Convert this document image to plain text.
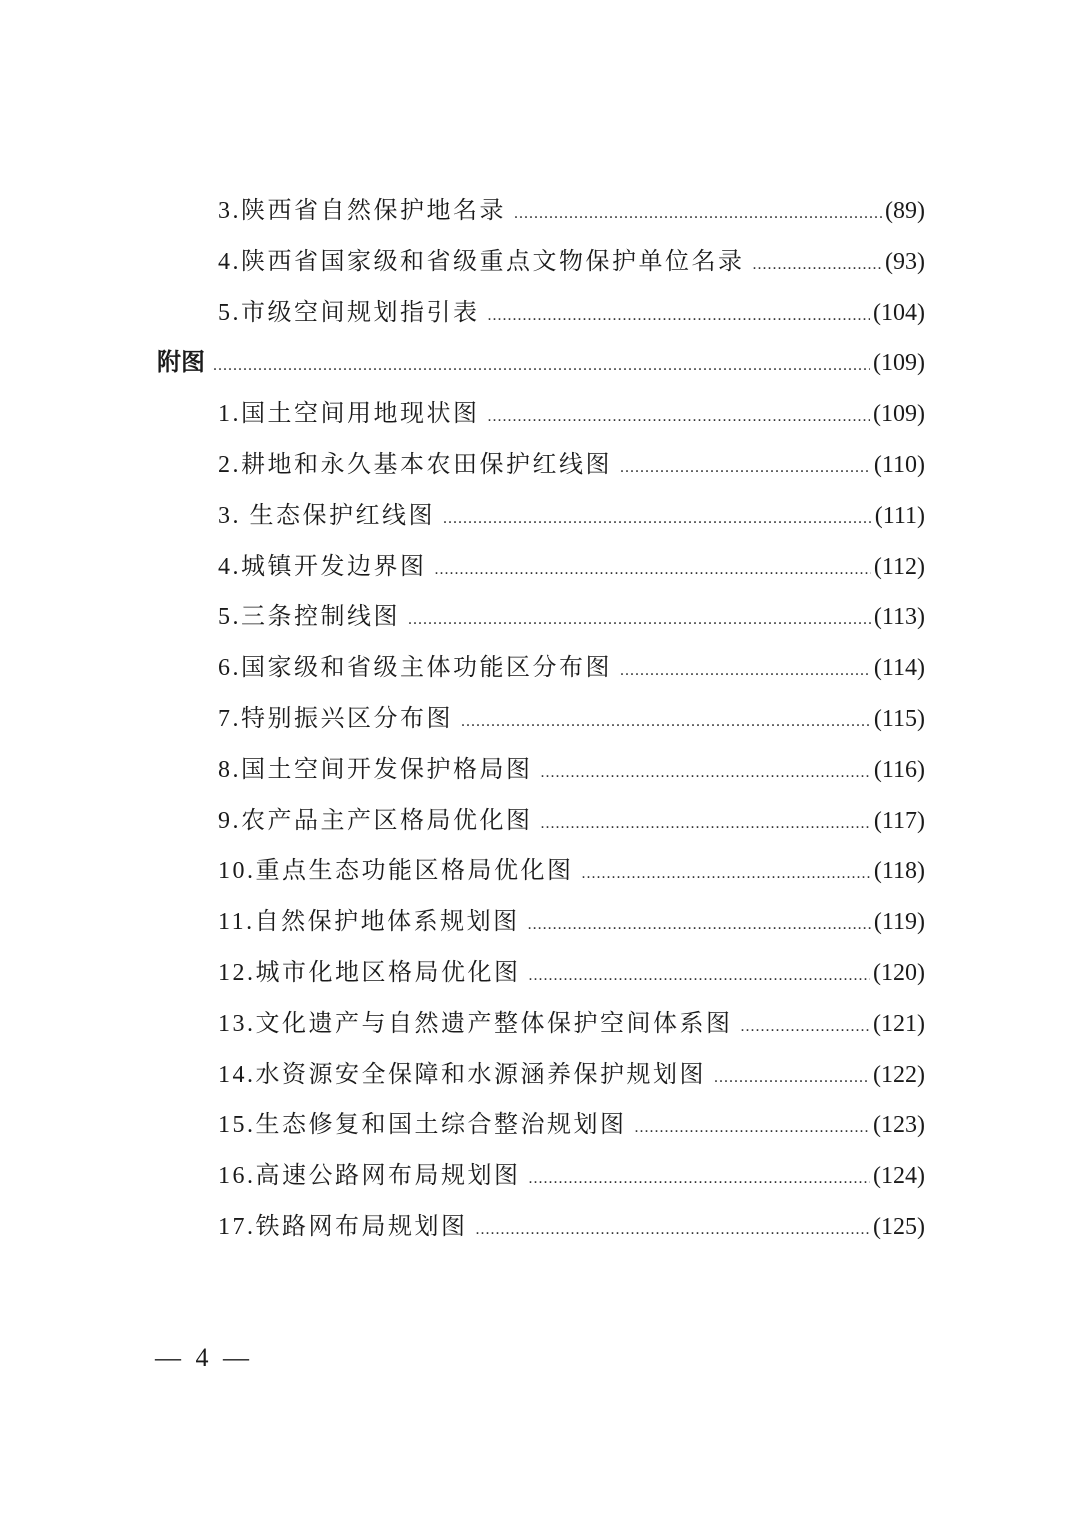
3.陕西省自然保护地名录 .....	(89)
4.陕西省国家级和省级重点文物保护单位名录 .....	(93)
5.市级空间规划指引表 .....	(104)
附图 .....	(109)
1.国土空间用地现状图 .....	(109)
2.耕地和永久基本农田保护红线图 .....	(110)
3. 生态保护红线图 .....	(111)
4.城镇开发边界图 .....	(112)
5.三条控制线图 .....	(113)
6.国家级和省级主体功能区分布图 .....	(114)
7.特别振兴区分布图 .....	(115)
8.国土空间开发保护格局图 .....	(116)
9.农产品主产区格局优化图 .....	(117)
10.重点生态功能区格局优化图 .....	(118)
11.自然保护地体系规划图 .....	(119)
12.城市化地区格局优化图 .....	(120)
13.文化遗产与自然遗产整体保护空间体系图 .....	(121)
14.水资源安全保障和水源涵养保护规划图 .....	(122)
15.生态修复和国土综合整治规划图 .....	(123)
16.高速公路网布局规划图 .....	(124)
17.铁路网布局规划图 .....	(125)
— 4 —
